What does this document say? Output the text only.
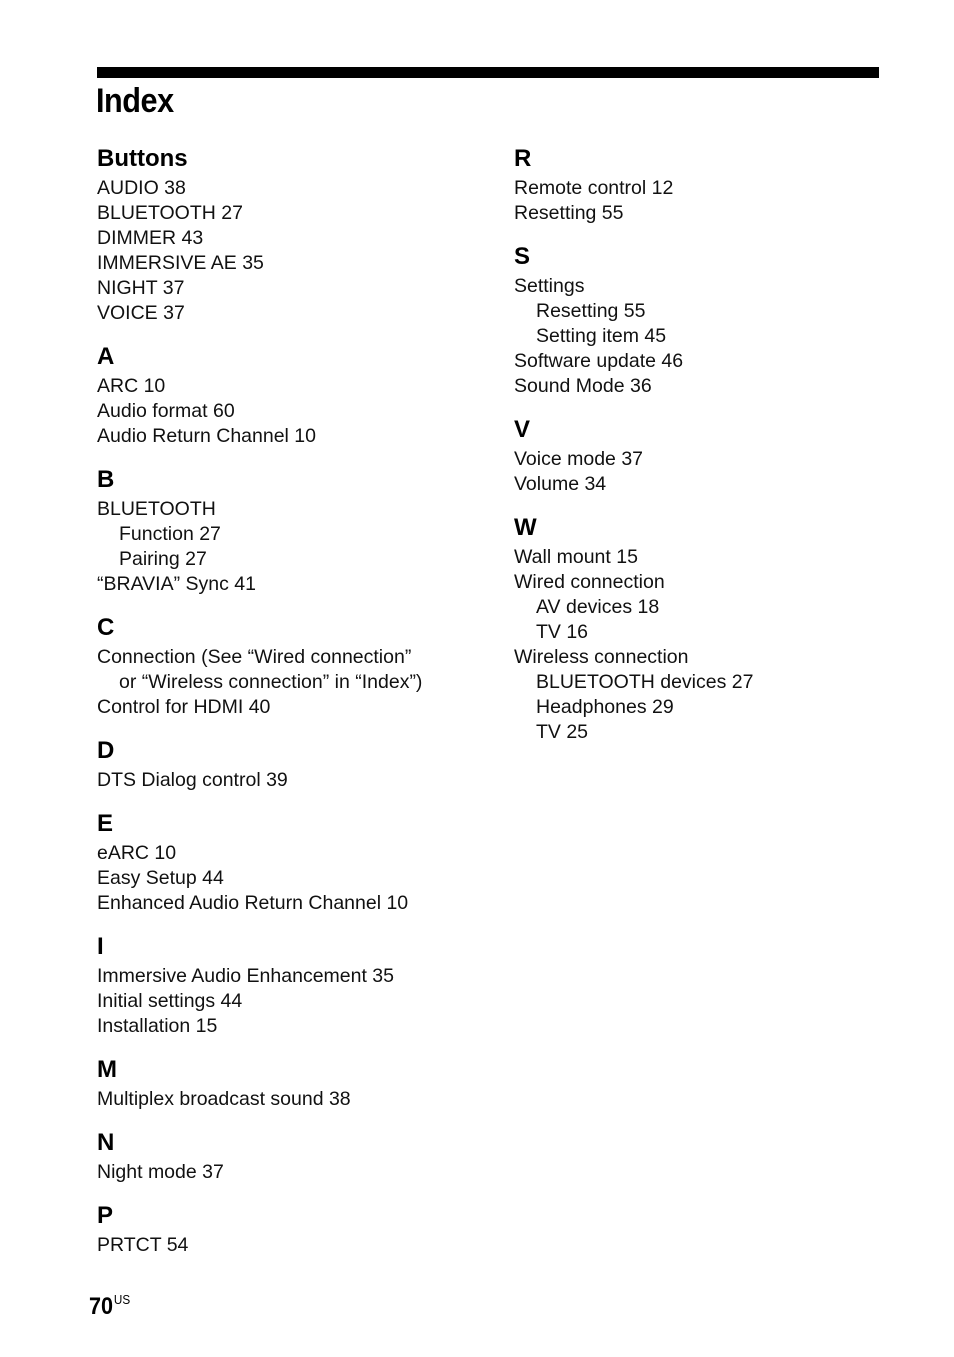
Index
Buttons
AUDIO 38
BLUETOOTH 27
DIMMER 43
IMMERSIVE AE 35
NIGHT 37
VOICE 37
A
ARC 10
Audio format 60
Audio Return Channel 10
B
BLUETOOTH
Function 27
Pairing 27
“BRAVIA” Sync 41
C
Connection (See “Wired connection”
or “Wireless connection” in “Index”)
Control for HDMI 40
D
DTS Dialog control 39
E
eARC 10
Easy Setup 44
Enhanced Audio Return Channel 10
I
Immersive Audio Enhancement 35
Initial settings 44
Installation 15
M
Multiplex broadcast sound 38
N
Night mode 37
P
PRTCT 54
R
Remote control 12
Resetting 55
S
Settings
Resetting 55
Setting item 45
Software update 46
Sound Mode 36
V
Voice mode 37
Volume 34
W
Wall mount 15
Wired connection
AV devices 18
TV 16
Wireless connection
BLUETOOTH devices 27
Headphones 29
TV 25
$70^{US}$
